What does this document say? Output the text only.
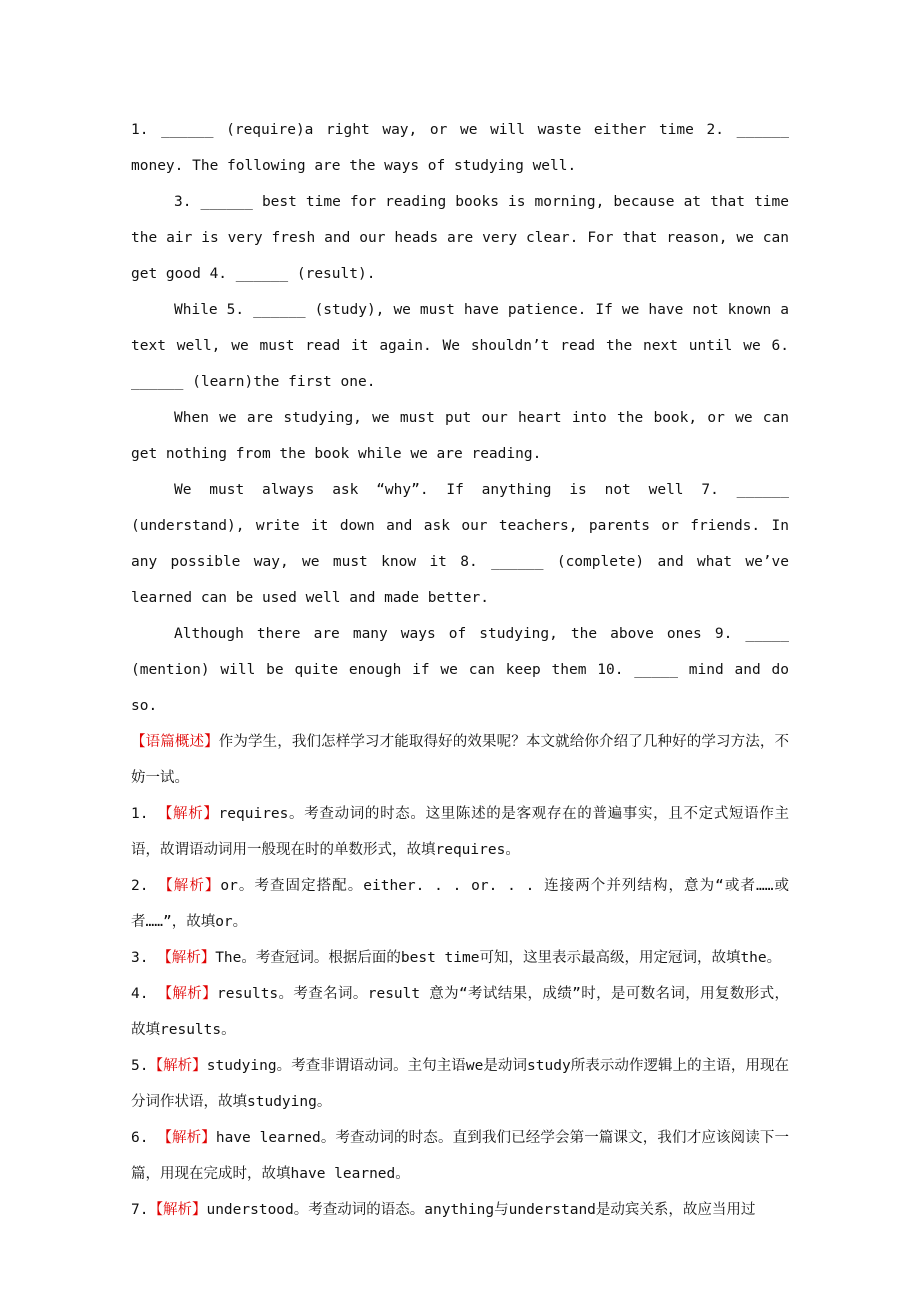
1. ______ (require)a right way, or we will waste either time 2. ______ money. The following are the ways of studying well.

3. ______ best time for reading books is morning, because at that time the air is very fresh and our heads are very clear. For that reason, we can get good 4. ______ (result).

While 5. ______ (study), we must have patience. If we have not known a text well, we must read it again. We shouldn’t read the next until we 6. ______ (learn)the first one.

When we are studying, we must put our heart into the book, or we can get nothing from the book while we are reading.

We must always ask “why”. If anything is not well 7. ______ (understand), write it down and ask our teachers, parents or friends. In any possible way, we must know it 8. ______ (complete) and what we’ve learned can be used well and made better.

Although there are many ways of studying, the above ones 9. _____ (mention) will be quite enough if we can keep them 10. _____ mind and do so.

【语篇概述】作为学生，我们怎样学习才能取得好的效果呢？本文就给你介绍了几种好的学习方法，不妨一试。

1. 【解析】requires。考查动词的时态。这里陈述的是客观存在的普遍事实，且不定式短语作主语，故谓语动词用一般现在时的单数形式，故填requires。

2. 【解析】or。考查固定搭配。either. . . or. . . 连接两个并列结构，意为“或者……或者……”，故填or。

3. 【解析】The。考查冠词。根据后面的best time可知，这里表示最高级，用定冠词，故填the。

4. 【解析】results。考查名词。result 意为“考试结果，成绩”时，是可数名词，用复数形式，故填results。

5.【解析】studying。考查非谓语动词。主句主语we是动词study所表示动作逻辑上的主语，用现在分词作状语，故填studying。

6. 【解析】have learned。考查动词的时态。直到我们已经学会第一篇课文，我们才应该阅读下一篇，用现在完成时，故填have learned。

7.【解析】understood。考查动词的语态。anything与understand是动宾关系，故应当用过
